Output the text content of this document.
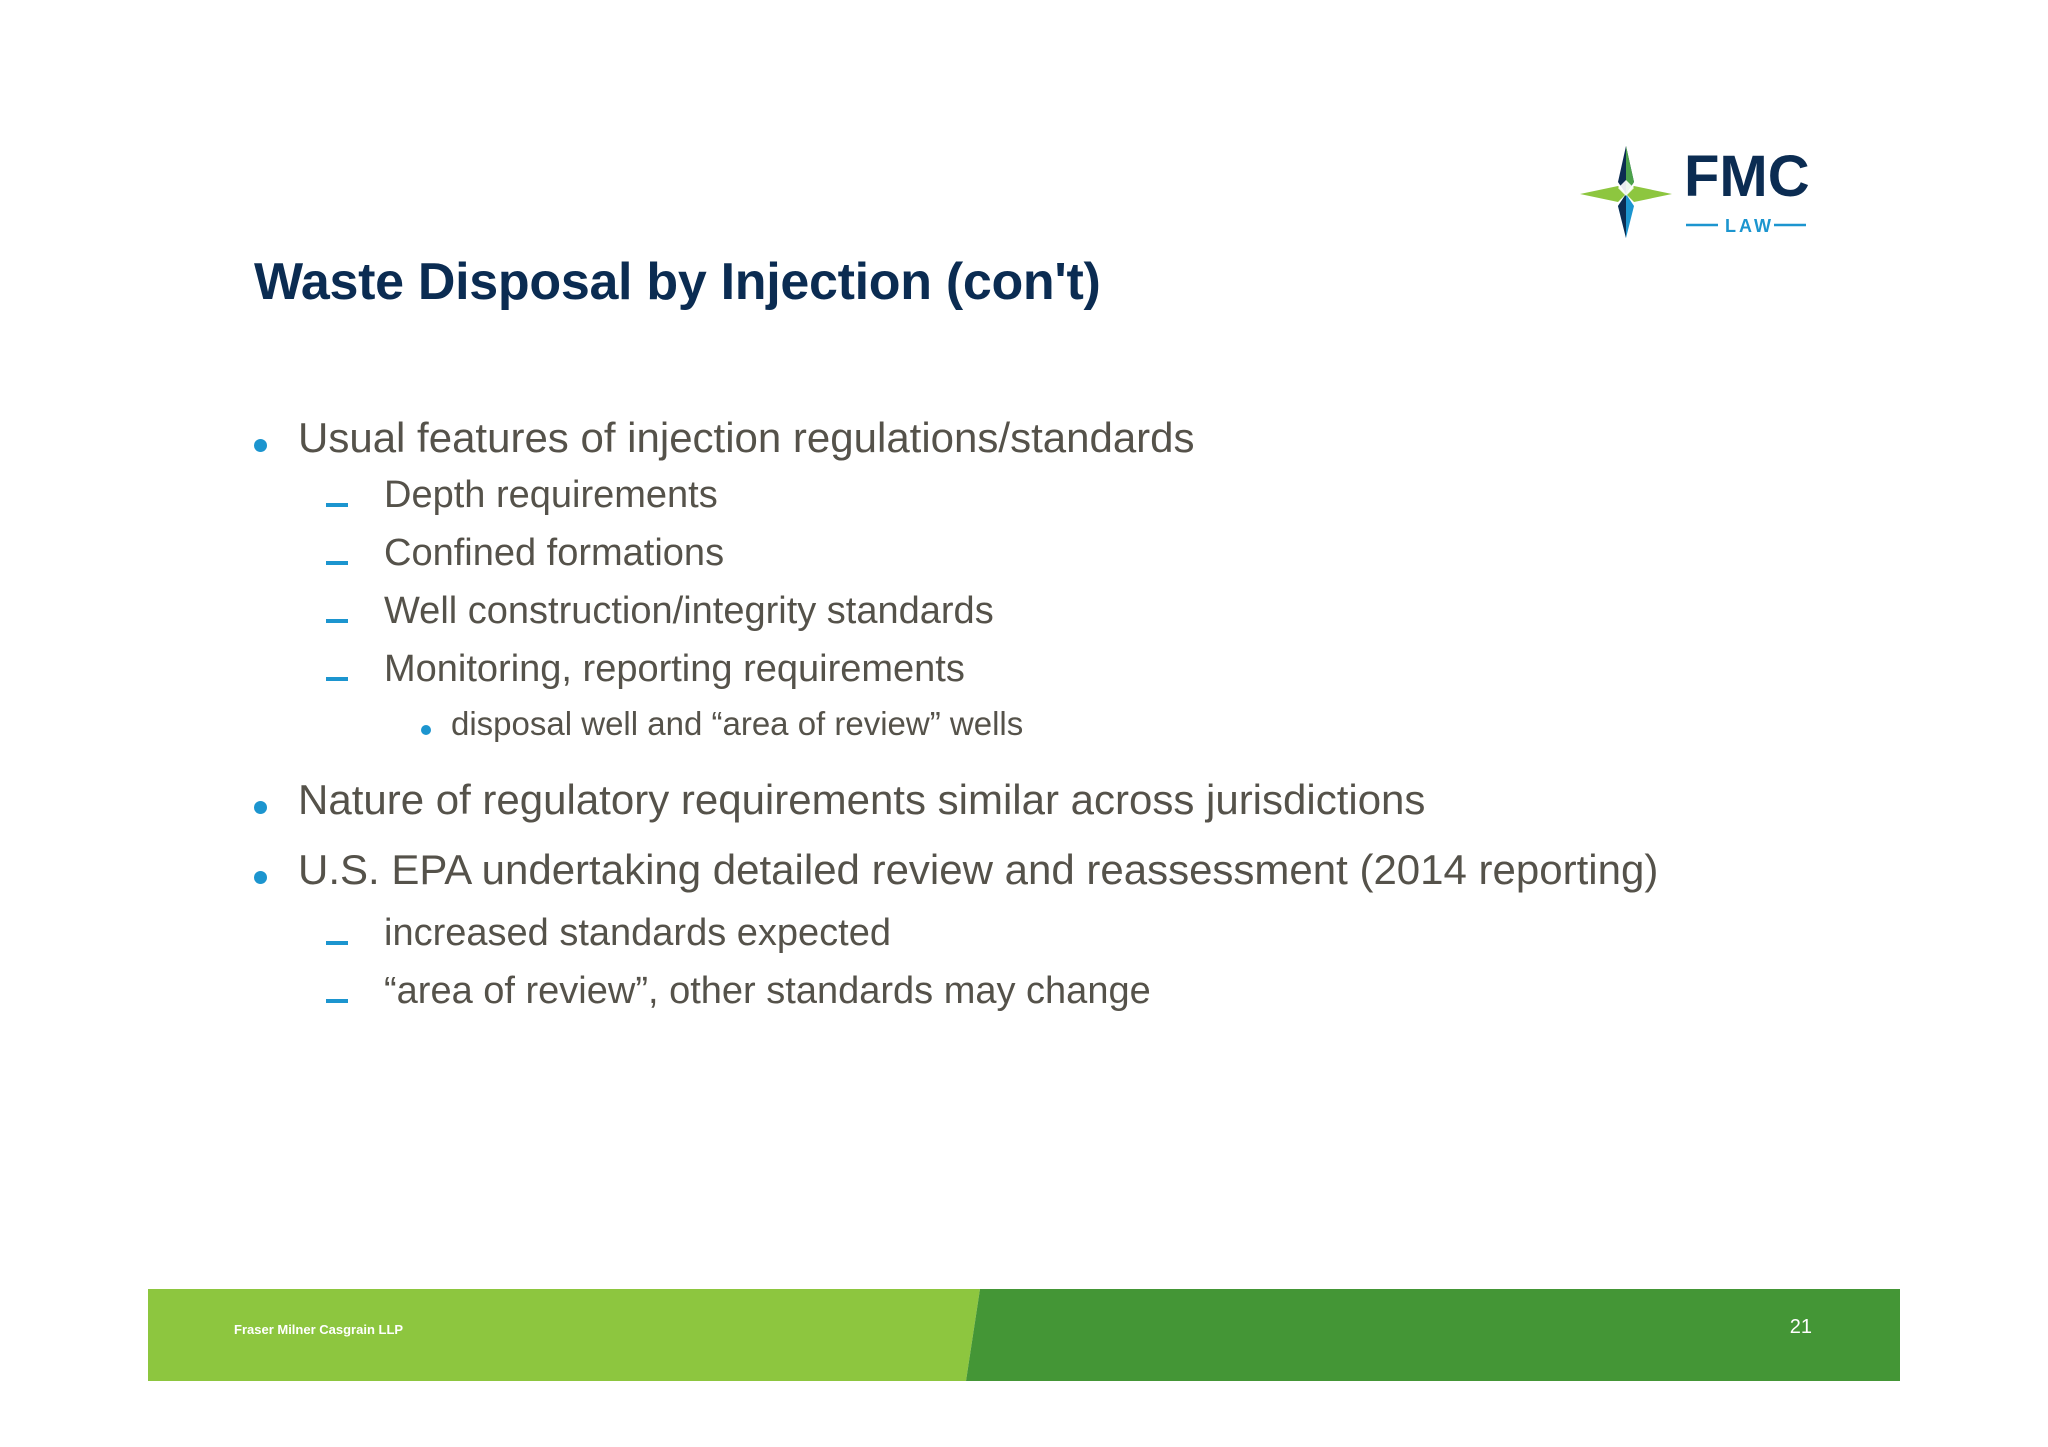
FMC
LAW
Waste Disposal by Injection (con't)
Usual features of injection regulations/standards
Depth requirements
Confined formations
Well construction/integrity standards
Monitoring, reporting requirements
disposal well and “area of review” wells
Nature of regulatory requirements similar across jurisdictions
U.S. EPA undertaking detailed review and reassessment (2014 reporting)
increased standards expected
“area of review”, other standards may change
Fraser Milner Casgrain LLP	21
